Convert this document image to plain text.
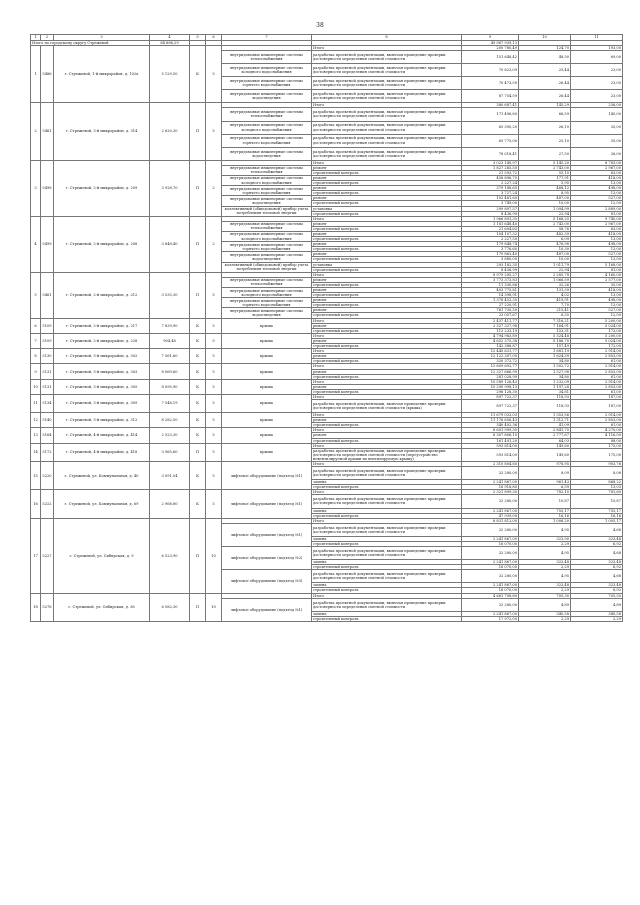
38
1	2	3	4	5	6	7	8	9	10	11
Итого по городскому округу Стрежевой			84 686,29					49 967 939,13		
1	5486	г. Стрежевой, 1-й микрорайон, д. 102а	5 129,50	К	5		Итого	200 780,49	124,70	193,00
						внутридомовые инженерные системы теплоснабжения	разработка проектной документации, включая проведение проверки достоверности определения сметной стоимости	151 648,42	48,50	69,00
						внутридомовые инженерные системы холодного водоснабжения	разработка проектной документации, включая проведение проверки достоверности определения сметной стоимости	70 823,09	25,44	23,00
						внутридомовые инженерные системы горячего водоснабжения	разработка проектной документации, включая проведение проверки достоверности определения сметной стоимости	70 473,59	26,44	23,00
						внутридомовые инженерные системы водоотведения	разработка проектной документации, включая проведение проверки достоверности определения сметной стоимости	87 754,59	26,44	23,00
2	5461	г. Стрежевой, 3-й микрорайон, д. 314	2 620,30	П	5		Итого	380 687,41	145,29	236,00
						внутридомовые инженерные системы теплоснабжения	разработка проектной документации, включая проведение проверки достоверности определения сметной стоимости	171 496,80	66,59	140,00
						внутридомовые инженерные системы холодного водоснабжения	разработка проектной документации, включая проведение проверки достоверности определения сметной стоимости	65 395,20	26,10	35,00
						внутридомовые инженерные системы горячего водоснабжения	разработка проектной документации, включая проведение проверки достоверности определения сметной стоимости	65 775,00	25,10	35,00
						внутридомовые инженерные системы водоотведения	разработка проектной документации, включая проведение проверки достоверности определения сметной стоимости	78 018,41	27,50	26,00
3	5498	г. Стрежевой, 2-й микрорайон, д. 209	3 928,70	П	2		Итого	3 023 140,97	5 145,20	8 783,00
						внутридомовые инженерные системы теплоснабжения	ремонт	1 827 285,50	2 743,00	2 967,00
							строительный контроль	21 593,72	55,10	63,00
						внутридомовые инженерные системы холодного водоснабжения	ремонт	458 896,75	177,91	418,00
							строительный контроль	2 227,24	5,95	13,00
						внутридомовые инженерные системы горячего водоснабжения	ремонт	379 188,65	468,12	498,00
							строительный контроль	3 727,24	8,95	13,00
						внутридомовые инженерные системы водоотведения	ремонт	102 481,60	487,00	527,00
							строительный контроль	3 749,00	10,00	12,00
						коллективный (общедомовой) прибор учета потребления тепловой энергии	установка	299 897,57	1 094,99	2 889,00
							строительный контроль	8 436,99	22,94	81,00
4	5499	г. Стрежевой, 2-й микрорайон, д. 208	3 848,40	П	2		Итого	1 966 891,35	5 168,25	9 740,00
						внутридомовые инженерные системы теплоснабжения	ремонт	1 181 648,40	2 743,00	2 967,00
							строительный контроль	21 604,63	58,76	63,00
						внутридомовые инженерные системы холодного водоснабжения	ремонт	104 107,32	482,39	418,00
							строительный контроль	2 227,50	6,09	13,00
						внутридомовые инженерные системы горячего водоснабжения	ремонт	179 848,74	476,98	498,00
							строительный контроль	3 776,60	10,30	13,00
						внутридомовые инженерные системы водоотведения	ремонт	170 863,40	487,00	527,00
							строительный контроль	3 880,00	10,00	12,00
						коллективный (общедомовой) прибор учета потребления тепловой энергии	установка	293 182,35	1 011,79	5 168,00
							строительный контроль	8 436,99	22,94	81,00
5	5461	г. Стрежевой, 2-й микрорайон, д. 212	3 535,30	П	5		Итого	8 979 295,27	2 285,78	4 160,00
						внутридомовые инженерные системы теплоснабжения	ремонт	3 773 373,83	1 066,59	2 577,00
							строительный контроль	11 330,86	32,26	35,00
						внутридомовые инженерные системы холодного водоснабжения	ремонт	403 775,81	131,39	418,00
							строительный контроль	14 398,91	4,02	13,00
						внутридомовые инженерные системы горячего водоснабжения	ремонт	1 378 453,35	419,91	498,00
							строительный контроль	27 220,91	7,70	13,00
						внутридомовые инженерные системы водоотведения	ремонт	761 730,50	215,41	527,00
							строительный контроль	23 057,67	6,55	12,00
6	5109	г. Стрежевой, 2-й микрорайон, д. 217	7 839,90	К	5	крыша	Итого	2 437 411,77	7 316,21	5 200,00
							ремонт	2 327 327,98	7 164,91	5 024,00
							строительный контроль	113 233,19	153,31	172,00
7	5109	г. Стрежевой, 2-й микрорайон, д. 228	904,48	К	5	крыша	Итого	4 794 983,89	5 324,48	5 200,00
							ремонт	4 652 375,38	5 186,70	5 024,00
							строительный контроль	142 388,87	157,49	172,00
8	5130	г. Стрежевой, 3-й микрорайон, д. 302	7 561,60	К	5	крыша	Итого	12 445 631,77	1 681,19	2 914,00
							ремонт	12 122 307,05	1 624,39	2 853,00
							строительный контроль	320 372,72	34,80	61,00
9	5131	г. Стрежевой, 3-й микрорайон, д. 303	8 069,60	К	5	крыша	Итого	12 609 692,77	1 502,72	2 914,00
							ремонт	12 327 666,99	1 527,98	2 853,00
							строительный контроль	281 028,99	34,80	61,00
10	5131	г. Стрежевой, 3-й микрорайон, д. 305	8 095,90	К	5	крыша	Итого	10 589 126,43	1 232,09	2 914,00
							ремонт	10 290 998,13	1 197,28	2 853,00
							строительный контроль	298 128,30	34,81	61,00
11	5134	г. Стрежевой, 3-й микрорайон, д. 309	7 548,19	К	5	крыша	Итого	897 722,37	118,93	187,00
							разработка проектной документации, включая проведение проверки достоверности определения сметной стоимости (крыша)	897 722,37	118,93	187,00
12	5140	г. Стрежевой, 3-й микрорайон, д. 312	8 282,50	К	5	крыша	Итого	11 679 033,03	1 353,56	2 914,00
							ремонт	11 176 656,43	1 312,71	2 853,00
							строительный контроль	340 402,36	41,09	61,00
13	5164	г. Стрежевой, 4-й микрорайон, д. 414	2 523,30	К	5	крыша	Итого	6 601 999,30	2 841,70	4 270,00
							ремонт	6 307 806,10	2 777,67	4 116,00
							строительный контроль	161 491,20	64,03	88,00
14	5172	г. Стрежевой, 4-й микрорайон, д. 418	3 965,60	П	5	крыша	Итого	593 814,00	149,60	175,00
							разработка проектной документации, включая проведение проверки достоверности определения сметной стоимости (переустройство невентилируемой крыши на вентилируемую крышу)	593 814,00	149,60	175,00
15	5220	г. Стрежевой, ул. Коммунальная, д. 40	3 091,04	К	5	лифтовое оборудование (подъезд №1)	Итого	2 310 804,80	978,95	903,76
							разработка проектной документации, включая проведение проверки достоверности определения сметной стоимости	32 280,00	8,09	8,08
							замена	2 241 867,00	961,43	868,22
							строительный контроль	16 918,80	6,59	13,03
16	5222	г. Стрежевой, ул. Коммунальная, д. 69	2 968,80	К	5	лифтовое оборудование (подъезд №1)	Итого	2 321 899,30	782,10	781,60
							разработка проектной документации, включая проведение проверки достоверности определения сметной стоимости	32 280,00	10,87	10,87
							замена	2 241 867,00	755,17	755,17
							строительный контроль	47 939,00	16,16	16,16
17	5227	г. Стрежевой, ул. Сибирская, д. 9	6 523,90	П	10		Итого	6 831 812,00	1 006,20	1 005,17
						лифтовое оборудование (подъезд №1)	разработка проектной документации, включая проведение проверки достоверности определения сметной стоимости	32 280,00	4,95	4,68
							замена	2 241 867,00	323,90	323,48
							строительный контроль	16 070,00	2,29	6,92
						лифтовое оборудование (подъезд №2)	разработка проектной документации, включая проведение проверки достоверности определения сметной стоимости	32 280,00	4,95	4,68
							замена	2 241 867,00	323,48	323,48
							строительный контроль	16 070,00	2,29	6,92
						лифтовое оборудование (подъезд №3)	разработка проектной документации, включая проведение проверки достоверности определения сметной стоимости	32 280,00	4,95	4,68
							замена	2 241 867,00	323,48	323,48
							строительный контроль	16 070,00	2,29	6,92
18	5278	г. Стрежевой, ул. Сибирская, д. 36	6 582,30	П	10		Итого	4 661 708,80	705,30	705,50
						лифтовое оборудование (подъезд №1)	разработка проектной документации, включая проведение проверки достоверности определения сметной стоимости	32 280,00	4,89	4,89
							замена	2 241 867,00	340,58	340,58
							строительный контроль	17 972,00	2,29	2,29
